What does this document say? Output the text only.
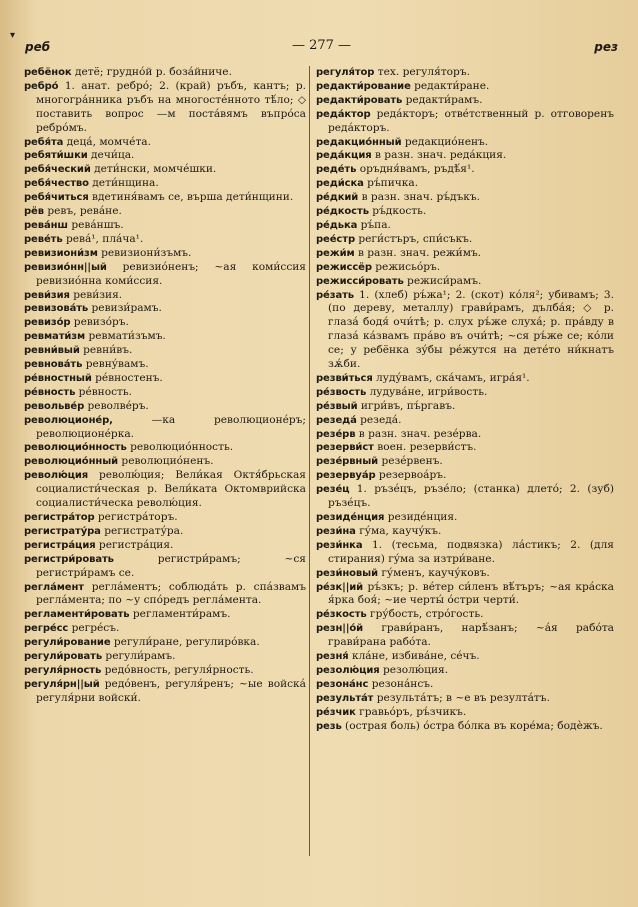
▾
реб	— 277 —	рез

ребёнок детё; грудно́й р. боза́йниче.

ребро́ 1. анат. ребро́; 2. (край) ръбъ, кантъ; р. многогра́нника ръбъ на многосте́нното тѣ́ло; ◇ поставить вопрос —м поста́вямъ въпро́са ребро́мъ.

ребя́та деца́, момче́та.

ребяти́шки дечи́ца.

ребя́ческий дети́нски, момче́шки.

ребя́чество дети́нщина.

ребя́читься вдетиня́вамъ се, върша дети́нщини.

рёв ревъ, рева́не.

рева́нш рева́ншъ.

реве́ть рева́¹, пла́ча¹.

ревизиони́зм ревизиони́зъмъ.

ревизио́нн||ый ревизио́ненъ; ~ая коми́ссия ревизио́нна коми́ссия.

реви́зия реви́зия.

ревизова́ть ревизи́рамъ.

ревизо́р ревизо́ръ.

ревмати́зм ревмати́зъмъ.

ревни́вый ревни́въ.

ревнова́ть ревну́вамъ.

ре́вностный ре́вностенъ.

ре́вность ре́вность.

револьве́р револве́ръ.

революционе́р, —ка революционе́ръ; революционе́рка.

революцио́нность революцио́нность.

революцио́нный революцио́ненъ.

револю́ция револю́ция; Вели́кая Октя́брьская социалисти́ческая р. Вели́ката Октомврийска социалисти́ческа револю́ция.

регистра́тор регистра́торъ.

регистрату́ра регистрату́ра.

регистра́ция регистра́ция.

регистри́ровать регистри́рамъ; ~ся регистри́рамъ се.

регла́мент регла́ментъ; соблюда́ть р. спа́звамъ регла́мента; по ~у спо́редъ регла́мента.

регламенти́ровать регламенти́рамъ.

регре́сс регре́съ.

регули́рование регули́ране, регулиро́вка.

регули́ровать регули́рамъ.

регуля́рность редо́вность, регуля́рность.

регуля́рн||ый редо́венъ, регуля́ренъ; ~ые войска́ регуля́рни войски́.

регуля́тор тех. регуля́торъ.

редакти́рование редакти́ране.

редакти́ровать редакти́рамъ.

реда́ктор реда́кторъ; отве́тственный р. отговоренъ реда́кторъ.

редакцио́нный редакцио́ненъ.

реда́кция в разн. знач. реда́кция.

реде́ть оръдня́вамъ, ръдѣ́я¹.

реди́ска ръ́пичка.

ре́дкий в разн. знач. ръ́дъкъ.

ре́дкость ръ́дкость.

ре́дька ръ́па.

рее́стр реги́стъръ, спи́съкъ.

режи́м в разн. знач. режи́мъ.

режиссёр режисьо́ръ.

режисси́ровать режиси́рамъ.

ре́зать 1. (хлеб) ръ́жа¹; 2. (скот) ко́ля²; убивамъ; 3. (по дереву, металлу) грави́рамъ, дълба́я; ◇ р. глаза́ бодя́ очи́тѣ; р. слух ръ́же слуха́; р. пра́вду в глаза́ ка́звамъ пра́во въ очи́тѣ; ~ся ръ́же се; ко́ли се; у ребёнка зу́бы ре́жутся на дете́то ни́кнатъ зѫ́би.

резви́ться луду́вамъ, ска́чамъ, игра́я¹.

ре́звость лудува́не, игри́вость.

ре́звый игри́въ, пъ́ргавъ.

резеда́ резеда́.

резе́рв в разн. знач. резе́рва.

резерви́ст воен. резерви́стъ.

резе́рвный резе́рвенъ.

резервуа́р резервоа́ръ.

резе́ц 1. ръзе́цъ, ръзе́ло; (станка) длето́; 2. (зуб) ръзе́цъ.

резиде́нция резиде́нция.

рези́на гу́ма, каучу́къ.

рези́нка 1. (тесьма, подвязка) ла́стикъ; 2. (для стирания) гу́ма за изтри́ване.

рези́новый гу́менъ, каучу́ковъ.

ре́зк||ий ръ́зкъ; р. ве́тер си́ленъ вѣ́търъ; ~ая кра́ска я́рка боя́; ~ие черты́ о́стри черти́.

ре́зкость гру́бость, стро́гость.

резн||о́й грави́ранъ, нарѣ́занъ; ~а́я рабо́та грави́рана рабо́та.

резня́ кла́не, избива́не, се́чъ.

резолю́ция резолю́ция.

резона́нс резона́нсъ.

результа́т результа́тъ; в ~е въ резулта́тъ.

ре́зчик гравьо́ръ, ръ́зчикъ.

резь (острая боль) о́стра бо́лка въ коре́ма; бодѐжъ.
